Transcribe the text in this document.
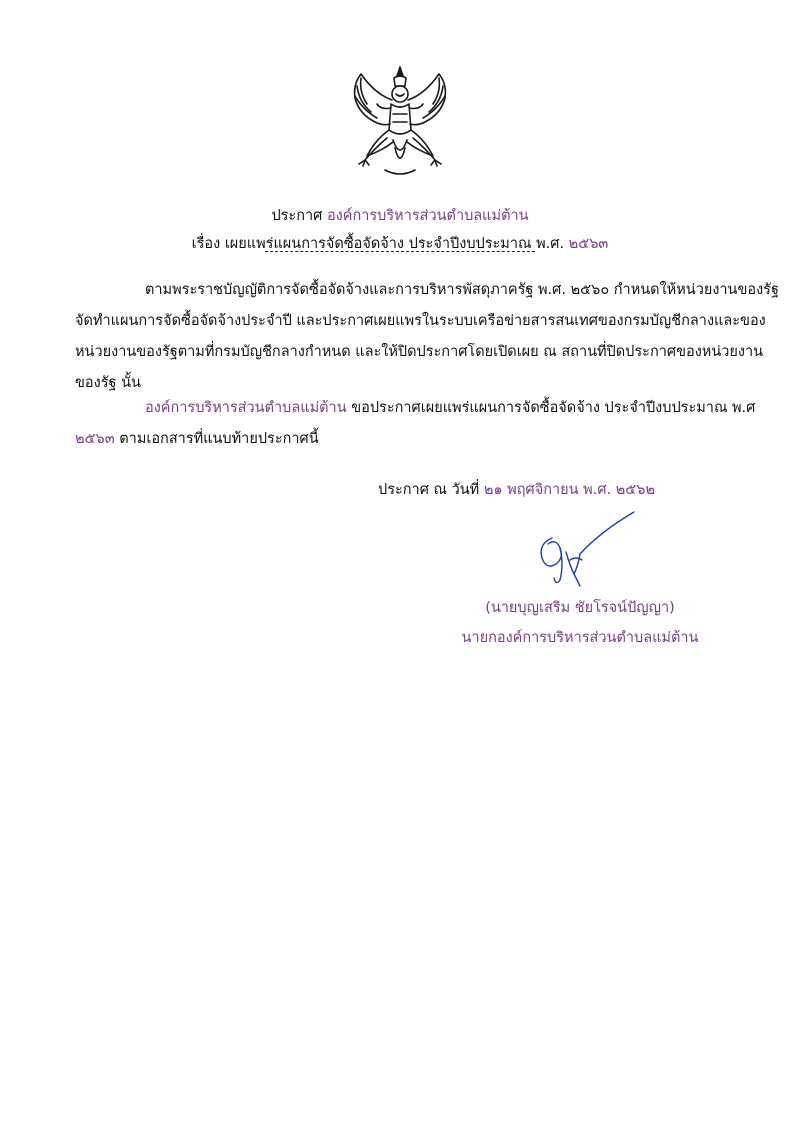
ประกาศ องค์การบริหารส่วนตำบลแม่ต้าน
เรื่อง เผยแพร่แผนการจัดซื้อจัดจ้าง ประจำปีงบประมาณ พ.ศ. ๒๕๖๓
ตามพระราชบัญญัติการจัดซื้อจัดจ้างและการบริหารพัสดุภาครัฐ พ.ศ. ๒๕๖๐ กำหนดให้หน่วยงานของรัฐ
จัดทำแผนการจัดซื้อจัดจ้างประจำปี และประกาศเผยแพรในระบบเครือข่ายสารสนเทศของกรมบัญชีกลางและของ
หน่วยงานของรัฐตามที่กรมบัญชีกลางกำหนด และให้ปิดประกาศโดยเปิดเผย ณ สถานที่ปิดประกาศของหน่วยงาน
ของรัฐ นั้น
องค์การบริหารส่วนตำบลแม่ต้าน ขอประกาศเผยแพร่แผนการจัดซื้อจัดจ้าง ประจำปีงบประมาณ พ.ศ
๒๕๖๓ ตามเอกสารที่แนบท้ายประกาศนี้
ประกาศ ณ วันที่ ๒๑ พฤศจิกายน พ.ศ. ๒๕๖๒
(นายบุญเสริม ชัยโรจน์ปัญญา)
นายกองค์การบริหารส่วนตำบลแม่ต้าน
